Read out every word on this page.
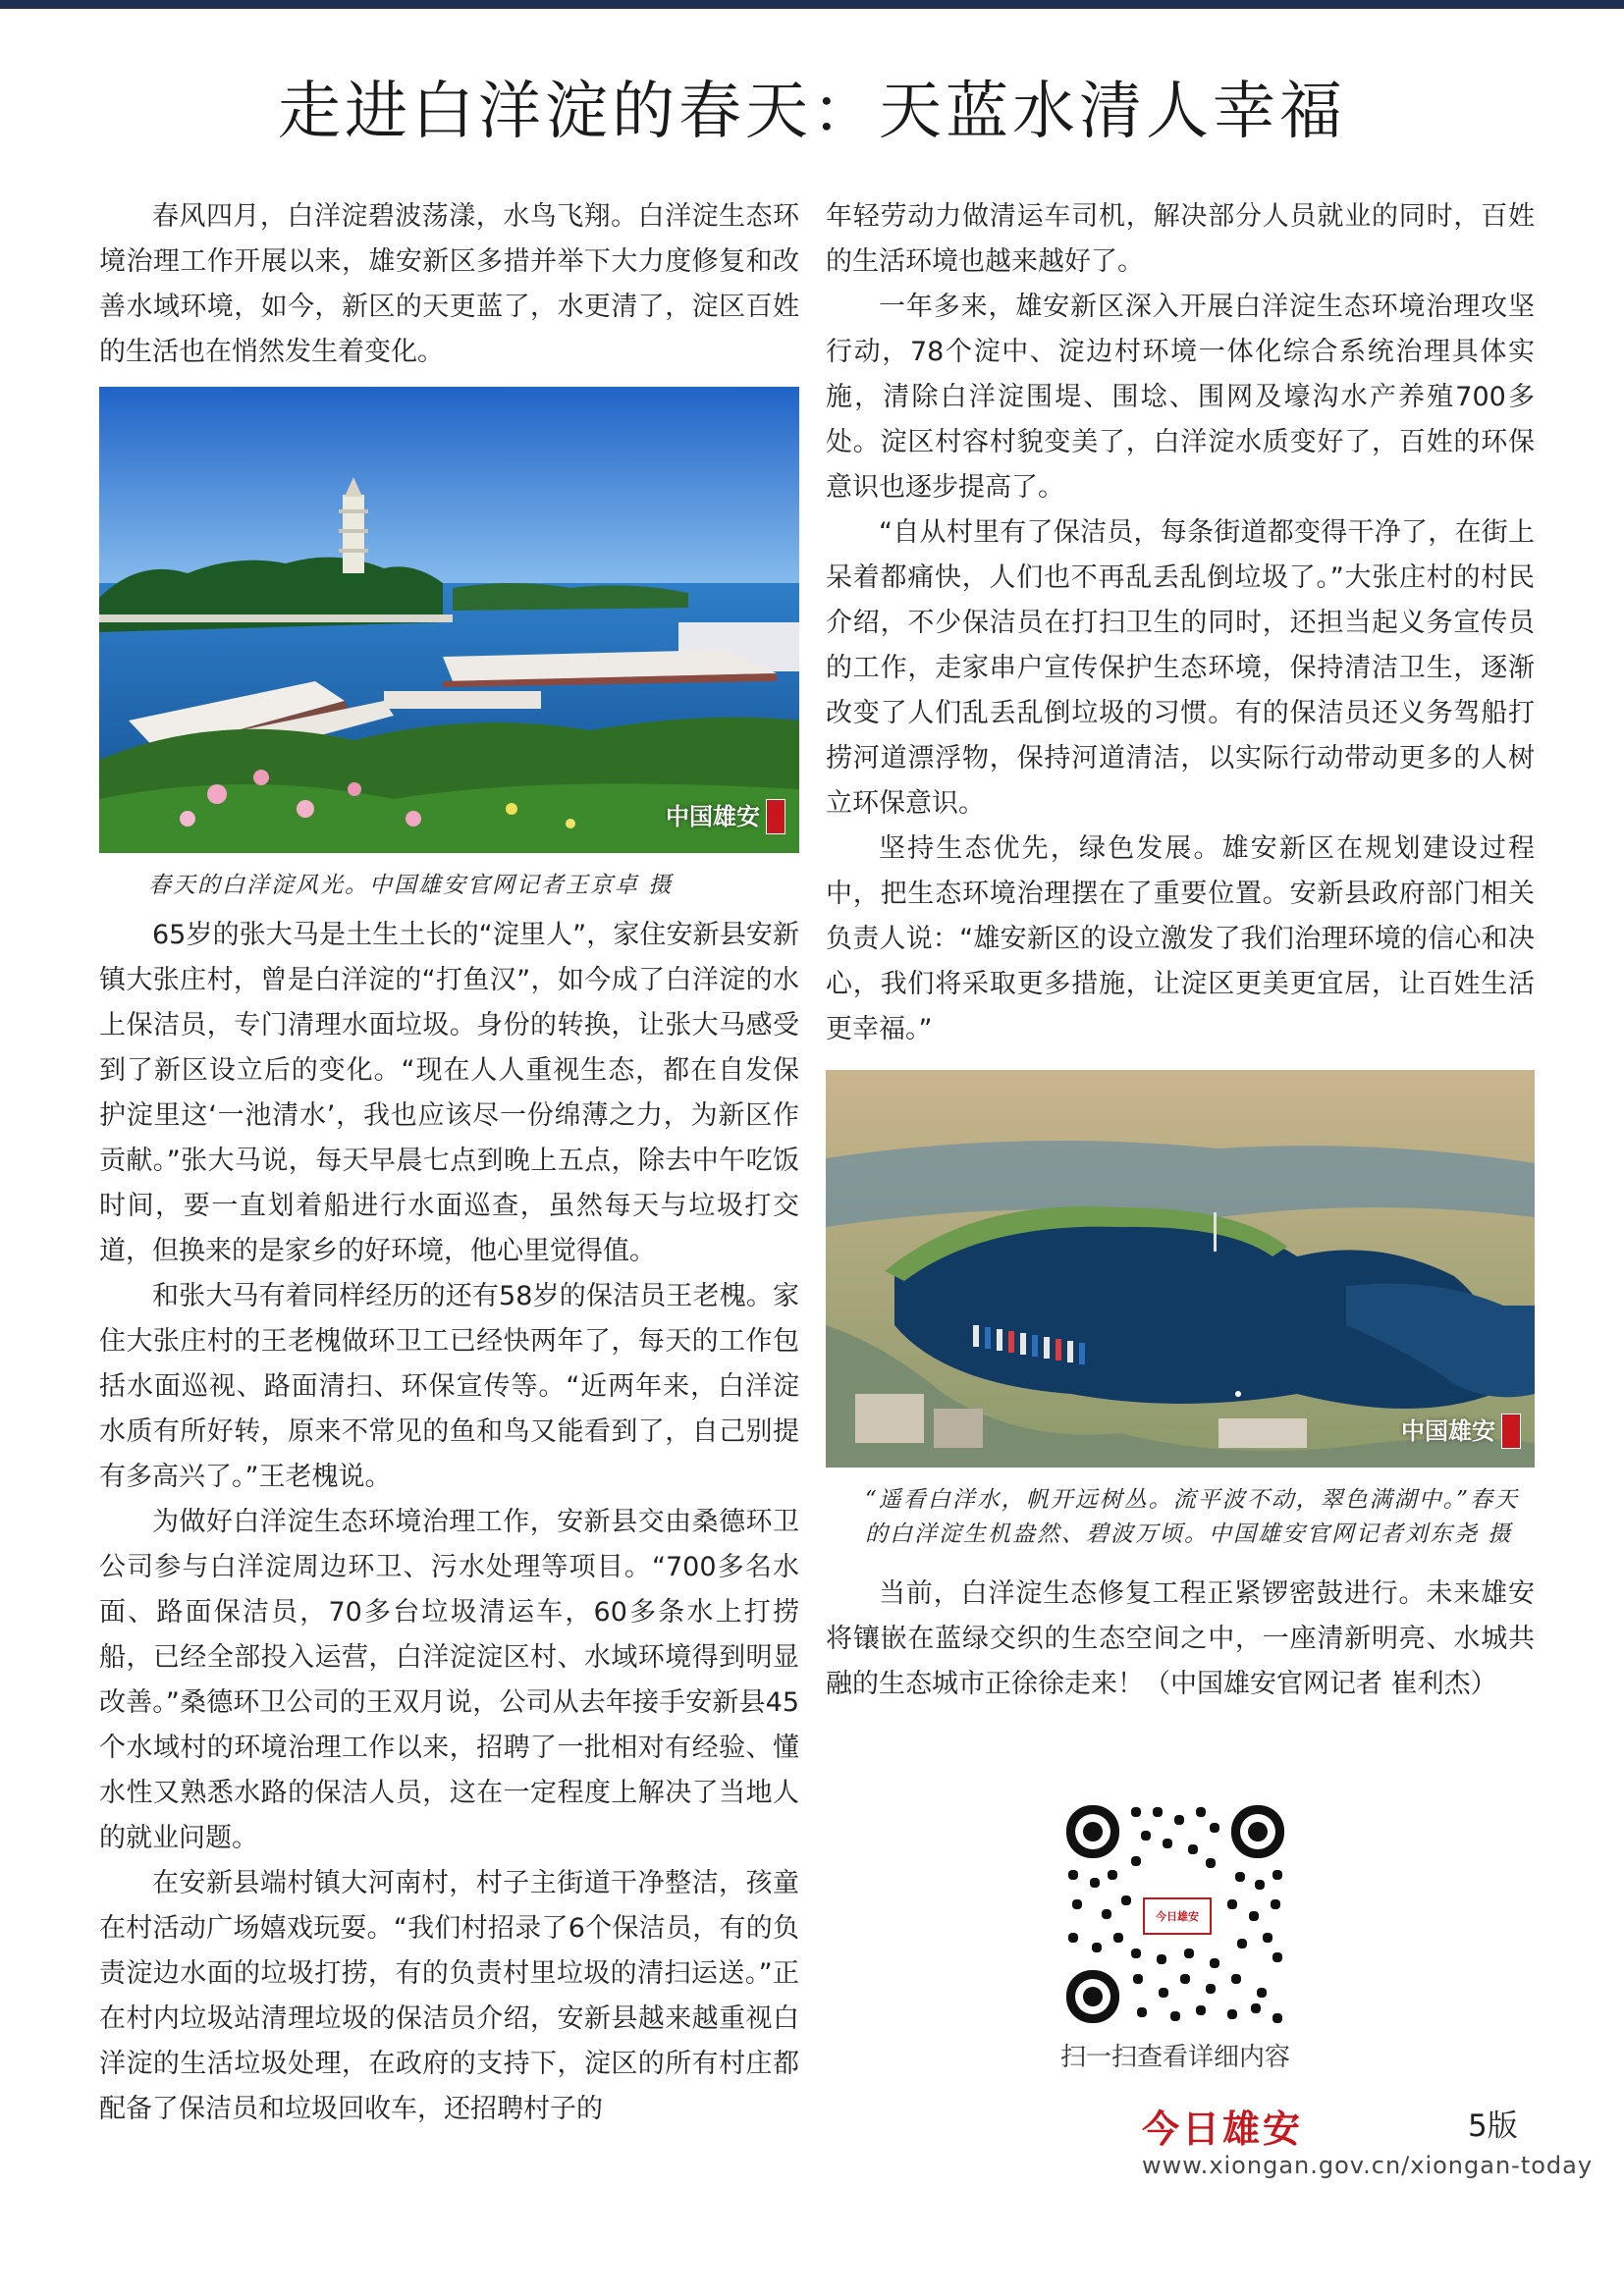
走进白洋淀的春天：天蓝水清人幸福

春风四月，白洋淀碧波荡漾，水鸟飞翔。白洋淀生态环境治理工作开展以来，雄安新区多措并举下大力度修复和改善水域环境，如今，新区的天更蓝了，水更清了，淀区百姓的生活也在悄然发生着变化。

中国雄安
春天的白洋淀风光。中国雄安官网记者王京卓 摄

65岁的张大马是土生土长的“淀里人”，家住安新县安新镇大张庄村，曾是白洋淀的“打鱼汉”，如今成了白洋淀的水上保洁员，专门清理水面垃圾。身份的转换，让张大马感受到了新区设立后的变化。“现在人人重视生态，都在自发保护淀里这‘一池清水’，我也应该尽一份绵薄之力，为新区作贡献。”张大马说，每天早晨七点到晚上五点，除去中午吃饭时间，要一直划着船进行水面巡查，虽然每天与垃圾打交道，但换来的是家乡的好环境，他心里觉得值。

和张大马有着同样经历的还有58岁的保洁员王老槐。家住大张庄村的王老槐做环卫工已经快两年了，每天的工作包括水面巡视、路面清扫、环保宣传等。“近两年来，白洋淀水质有所好转，原来不常见的鱼和鸟又能看到了，自己别提有多高兴了。”王老槐说。

为做好白洋淀生态环境治理工作，安新县交由桑德环卫公司参与白洋淀周边环卫、污水处理等项目。“700多名水面、路面保洁员，70多台垃圾清运车，60多条水上打捞船，已经全部投入运营，白洋淀淀区村、水域环境得到明显改善。”桑德环卫公司的王双月说，公司从去年接手安新县45个水域村的环境治理工作以来，招聘了一批相对有经验、懂水性又熟悉水路的保洁人员，这在一定程度上解决了当地人的就业问题。

在安新县端村镇大河南村，村子主街道干净整洁，孩童在村活动广场嬉戏玩耍。“我们村招录了6个保洁员，有的负责淀边水面的垃圾打捞，有的负责村里垃圾的清扫运送。”正在村内垃圾站清理垃圾的保洁员介绍，安新县越来越重视白洋淀的生活垃圾处理，在政府的支持下，淀区的所有村庄都配备了保洁员和垃圾回收车，还招聘村子的

年轻劳动力做清运车司机，解决部分人员就业的同时，百姓的生活环境也越来越好了。

一年多来，雄安新区深入开展白洋淀生态环境治理攻坚行动，78个淀中、淀边村环境一体化综合系统治理具体实施，清除白洋淀围堤、围埝、围网及壕沟水产养殖700多处。淀区村容村貌变美了，白洋淀水质变好了，百姓的环保意识也逐步提高了。

“自从村里有了保洁员，每条街道都变得干净了，在街上呆着都痛快，人们也不再乱丢乱倒垃圾了。”大张庄村的村民介绍，不少保洁员在打扫卫生的同时，还担当起义务宣传员的工作，走家串户宣传保护生态环境，保持清洁卫生，逐渐改变了人们乱丢乱倒垃圾的习惯。有的保洁员还义务驾船打捞河道漂浮物，保持河道清洁，以实际行动带动更多的人树立环保意识。

坚持生态优先，绿色发展。雄安新区在规划建设过程中，把生态环境治理摆在了重要位置。安新县政府部门相关负责人说：“雄安新区的设立激发了我们治理环境的信心和决心，我们将采取更多措施，让淀区更美更宜居，让百姓生活更幸福。”

中国雄安
“遥看白洋水，帆开远树丛。流平波不动，翠色满湖中。”春天的白洋淀生机盎然、碧波万顷。中国雄安官网记者刘东尧 摄

当前，白洋淀生态修复工程正紧锣密鼓进行。未来雄安将镶嵌在蓝绿交织的生态空间之中，一座清新明亮、水城共融的生态城市正徐徐走来！（中国雄安官网记者 崔利杰）

今日雄安
扫一扫查看详细内容
今日雄安	5版
www.xiongan.gov.cn/xiongan-today
